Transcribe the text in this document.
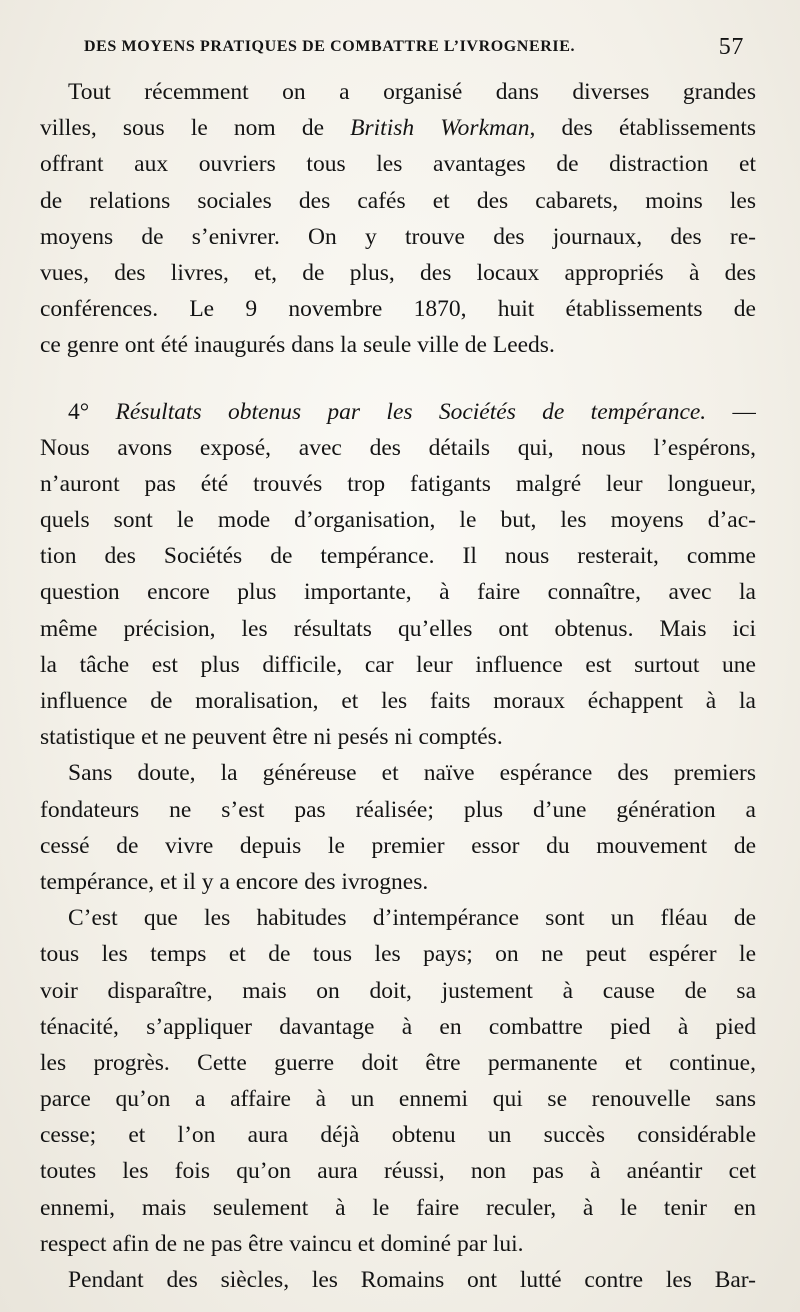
DES MOYENS PRATIQUES DE COMBATTRE L’IVROGNERIE.	57
Tout récemment on a organisé dans diverses grandes
villes, sous le nom de British Workman, des établissements
offrant aux ouvriers tous les avantages de distraction et
de relations sociales des cafés et des cabarets, moins les
moyens de s’enivrer. On y trouve des journaux, des re-
vues, des livres, et, de plus, des locaux appropriés à des
conférences. Le 9 novembre 1870, huit établissements de
ce genre ont été inaugurés dans la seule ville de Leeds.
4° Résultats obtenus par les Sociétés de tempérance. —
Nous avons exposé, avec des détails qui, nous l’espérons,
n’auront pas été trouvés trop fatigants malgré leur longueur,
quels sont le mode d’organisation, le but, les moyens d’ac-
tion des Sociétés de tempérance. Il nous resterait, comme
question encore plus importante, à faire connaître, avec la
même précision, les résultats qu’elles ont obtenus. Mais ici
la tâche est plus difficile, car leur influence est surtout une
influence de moralisation, et les faits moraux échappent à la
statistique et ne peuvent être ni pesés ni comptés.
Sans doute, la généreuse et naïve espérance des premiers
fondateurs ne s’est pas réalisée; plus d’une génération a
cessé de vivre depuis le premier essor du mouvement de
tempérance, et il y a encore des ivrognes.
C’est que les habitudes d’intempérance sont un fléau de
tous les temps et de tous les pays; on ne peut espérer le
voir disparaître, mais on doit, justement à cause de sa
ténacité, s’appliquer davantage à en combattre pied à pied
les progrès. Cette guerre doit être permanente et continue,
parce qu’on a affaire à un ennemi qui se renouvelle sans
cesse; et l’on aura déjà obtenu un succès considérable
toutes les fois qu’on aura réussi, non pas à anéantir cet
ennemi, mais seulement à le faire reculer, à le tenir en
respect afin de ne pas être vaincu et dominé par lui.
Pendant des siècles, les Romains ont lutté contre les Bar-
